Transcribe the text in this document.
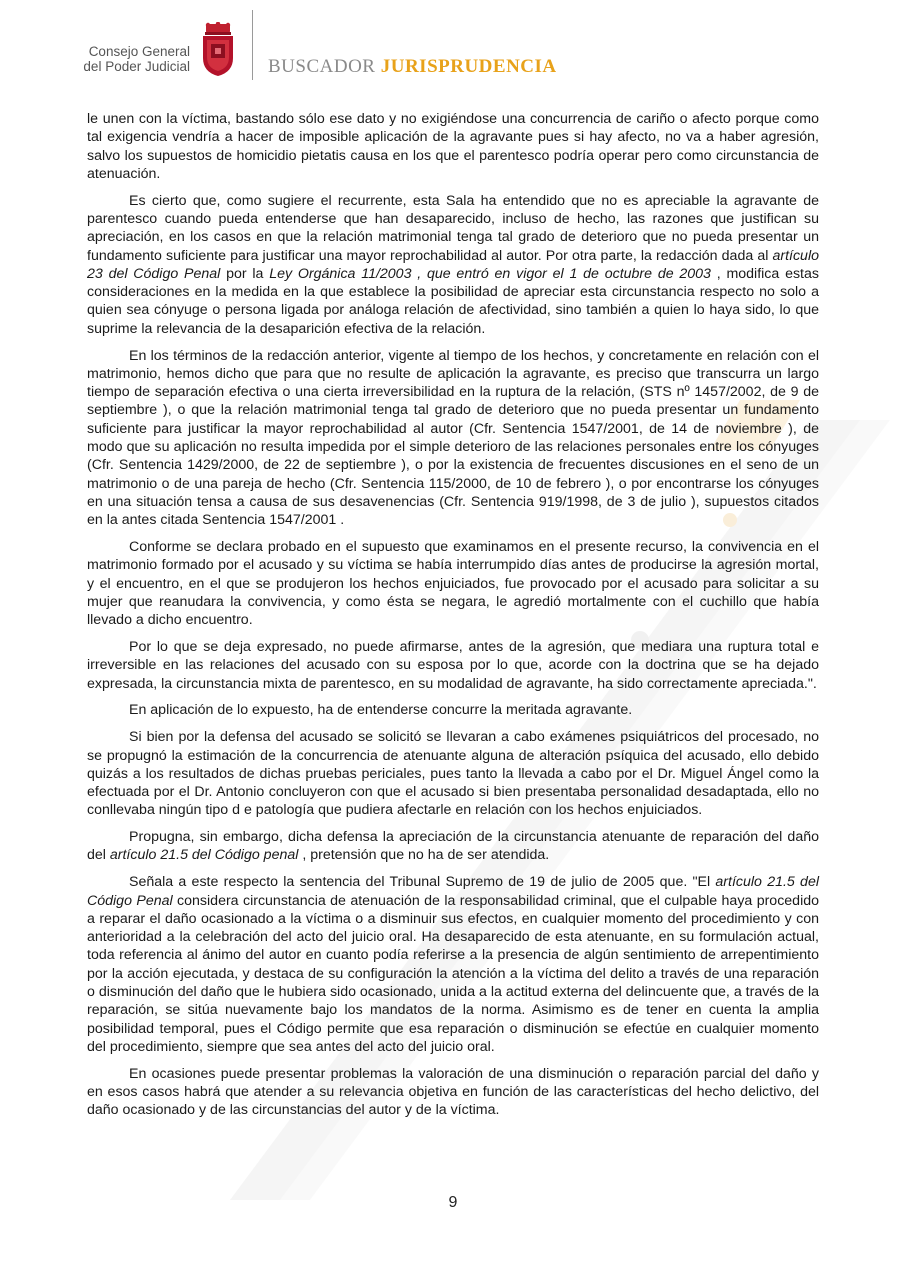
Consejo General
del Poder Judicial	BUSCADOR JURISPRUDENCIA

le unen con la víctima, bastando sólo ese dato y no exigiéndose una concurrencia de cariño o afecto porque como tal exigencia vendría a hacer de imposible aplicación de la agravante pues si hay afecto, no va a haber agresión, salvo los supuestos de homicidio pietatis causa en los que el parentesco podría operar pero como circunstancia de atenuación.

Es cierto que, como sugiere el recurrente, esta Sala ha entendido que no es apreciable la agravante de parentesco cuando pueda entenderse que han desaparecido, incluso de hecho, las razones que justifican su apreciación, en los casos en que la relación matrimonial tenga tal grado de deterioro que no pueda presentar un fundamento suficiente para justificar una mayor reprochabilidad al autor. Por otra parte, la redacción dada al artículo 23 del Código Penal por la Ley Orgánica 11/2003 , que entró en vigor el 1 de octubre de 2003 , modifica estas consideraciones en la medida en la que establece la posibilidad de apreciar esta circunstancia respecto no solo a quien sea cónyuge o persona ligada por análoga relación de afectividad, sino también a quien lo haya sido, lo que suprime la relevancia de la desaparición efectiva de la relación.

En los términos de la redacción anterior, vigente al tiempo de los hechos, y concretamente en relación con el matrimonio, hemos dicho que para que no resulte de aplicación la agravante, es preciso que transcurra un largo tiempo de separación efectiva o una cierta irreversibilidad en la ruptura de la relación, (STS nº 1457/2002, de 9 de septiembre ), o que la relación matrimonial tenga tal grado de deterioro que no pueda presentar un fundamento suficiente para justificar la mayor reprochabilidad al autor (Cfr. Sentencia 1547/2001, de 14 de noviembre ), de modo que su aplicación no resulta impedida por el simple deterioro de las relaciones personales entre los cónyuges (Cfr. Sentencia 1429/2000, de 22 de septiembre ), o por la existencia de frecuentes discusiones en el seno de un matrimonio o de una pareja de hecho (Cfr. Sentencia 115/2000, de 10 de febrero ), o por encontrarse los cónyuges en una situación tensa a causa de sus desavenencias (Cfr. Sentencia 919/1998, de 3 de julio ), supuestos citados en la antes citada Sentencia 1547/2001 .

Conforme se declara probado en el supuesto que examinamos en el presente recurso, la convivencia en el matrimonio formado por el acusado y su víctima se había interrumpido días antes de producirse la agresión mortal, y el encuentro, en el que se produjeron los hechos enjuiciados, fue provocado por el acusado para solicitar a su mujer que reanudara la convivencia, y como ésta se negara, le agredió mortalmente con el cuchillo que había llevado a dicho encuentro.

Por lo que se deja expresado, no puede afirmarse, antes de la agresión, que mediara una ruptura total e irreversible en las relaciones del acusado con su esposa por lo que, acorde con la doctrina que se ha dejado expresada, la circunstancia mixta de parentesco, en su modalidad de agravante, ha sido correctamente apreciada.".

En aplicación de lo expuesto, ha de entenderse concurre la meritada agravante.

Si bien por la defensa del acusado se solicitó se llevaran a cabo exámenes psiquiátricos del procesado, no se propugnó la estimación de la concurrencia de atenuante alguna de alteración psíquica del acusado, ello debido quizás a los resultados de dichas pruebas periciales, pues tanto la llevada a cabo por el Dr. Miguel Ángel como la efectuada por el Dr. Antonio concluyeron con que el acusado si bien presentaba personalidad desadaptada, ello no conllevaba ningún tipo d e patología que pudiera afectarle en relación con los hechos enjuiciados.

Propugna, sin embargo, dicha defensa la apreciación de la circunstancia atenuante de reparación del daño del artículo 21.5 del Código penal , pretensión que no ha de ser atendida.

Señala a este respecto la sentencia del Tribunal Supremo de 19 de julio de 2005 que. "El artículo 21.5 del Código Penal considera circunstancia de atenuación de la responsabilidad criminal, que el culpable haya procedido a reparar el daño ocasionado a la víctima o a disminuir sus efectos, en cualquier momento del procedimiento y con anterioridad a la celebración del acto del juicio oral. Ha desaparecido de esta atenuante, en su formulación actual, toda referencia al ánimo del autor en cuanto podía referirse a la presencia de algún sentimiento de arrepentimiento por la acción ejecutada, y destaca de su configuración la atención a la víctima del delito a través de una reparación o disminución del daño que le hubiera sido ocasionado, unida a la actitud externa del delincuente que, a través de la reparación, se sitúa nuevamente bajo los mandatos de la norma. Asimismo es de tener en cuenta la amplia posibilidad temporal, pues el Código permite que esa reparación o disminución se efectúe en cualquier momento del procedimiento, siempre que sea antes del acto del juicio oral.

En ocasiones puede presentar problemas la valoración de una disminución o reparación parcial del daño y en esos casos habrá que atender a su relevancia objetiva en función de las características del hecho delictivo, del daño ocasionado y de las circunstancias del autor y de la víctima.

9
